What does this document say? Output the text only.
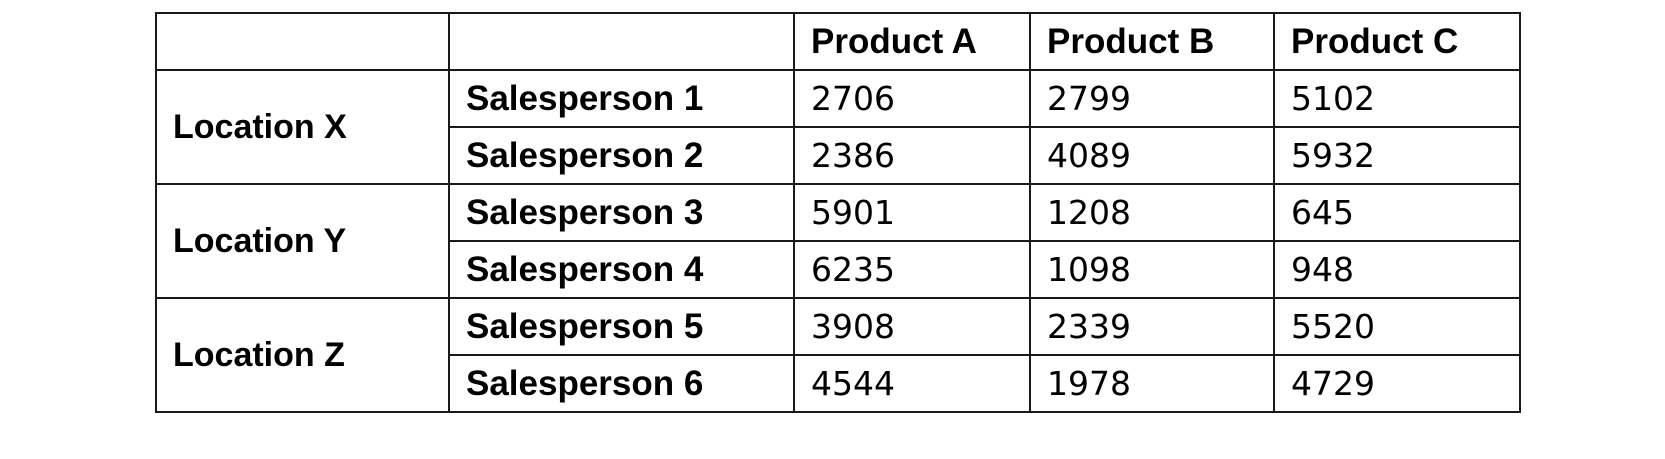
		Product A	Product B	Product C
Location X	Salesperson 1	2706	2799	5102
	Salesperson 2	2386	4089	5932
Location Y	Salesperson 3	5901	1208	645
	Salesperson 4	6235	1098	948
Location Z	Salesperson 5	3908	2339	5520
	Salesperson 6	4544	1978	4729
